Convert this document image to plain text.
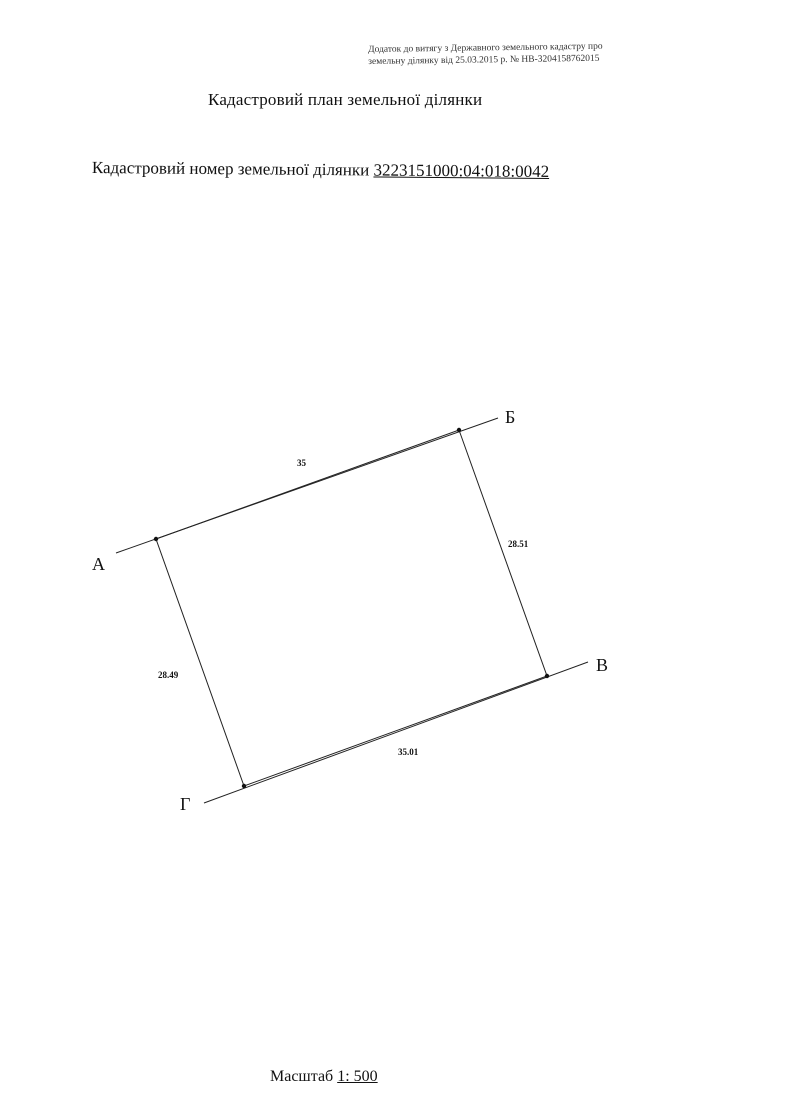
Додаток до витягу з Державного земельного кадастру про
земельну ділянку від 25.03.2015 р. № НВ-3204158762015
Кадастровий план земельної ділянки
Кадастровий номер земельної ділянки 3223151000:04:018:0042
А
Б
В
Г
35
28.51
35.01
28.49
Масштаб 1: 500
